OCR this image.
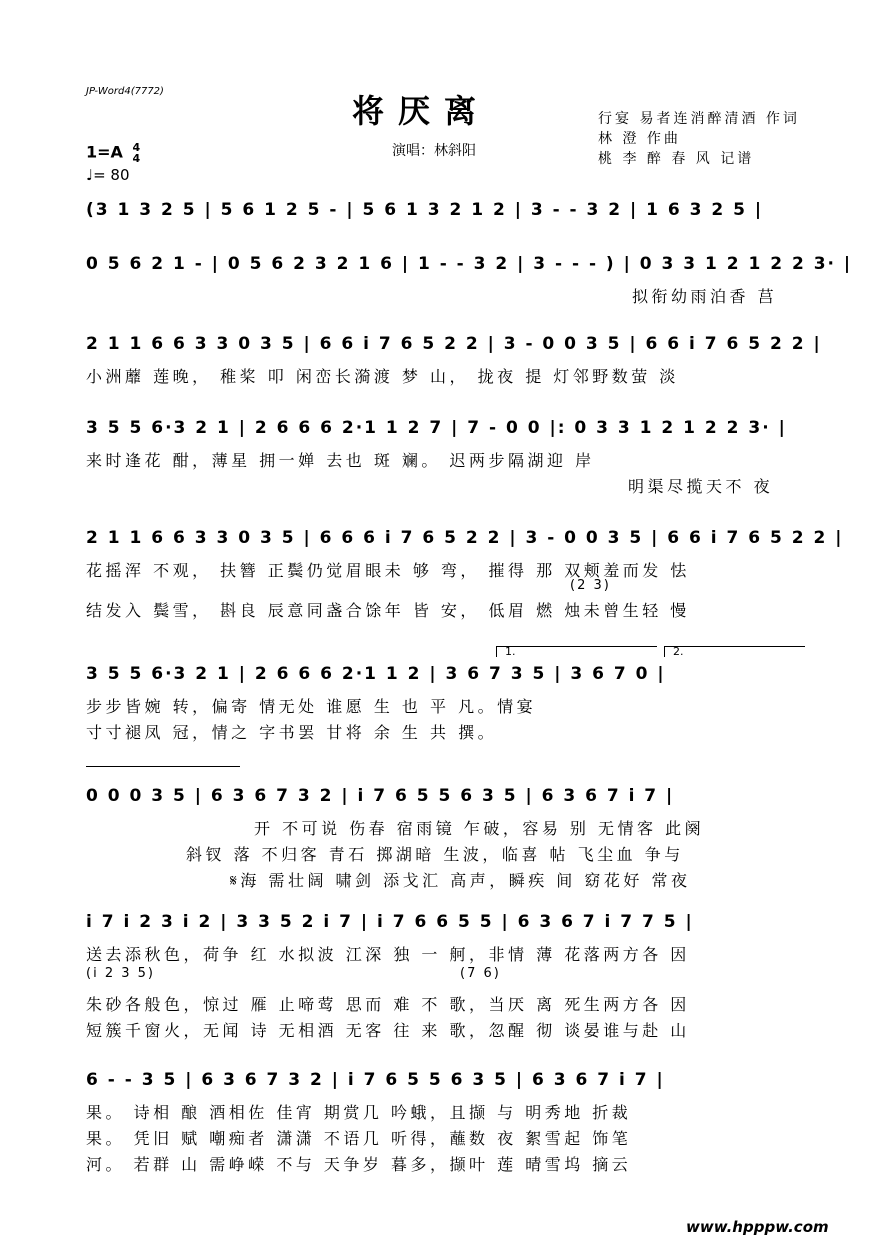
JP-Word4(7772)
将厌离
演唱：林斜阳
行宴 易者连消醉清酒 作词
林 澄 作曲
桃 李 醉 春 风 记谱
1=A 4
4
♩= 80
(3 1 3 2 5 | 5 6 1 2 5 - | 5 6 1 3 2 1 2 | 3 - - 3 2 | 1 6 3 2 5 |
0 5 6 2 1 - | 0 5 6 2 3 2 1 6 | 1 - - 3 2 | 3 - - - ) | 0 3 3 1 2 1 2 2 3· |
拟衔幼雨泊香 莒
2 1 1 6 6 3 3 0 3 5 | 6 6 i 7 6 5 2 2 | 3 - 0 0 3 5 | 6 6 i 7 6 5 2 2 |
小洲蘼 莲晚， 稚桨 叩 闲峦长漪渡 梦 山， 拢夜 提 灯邻野数萤 淡
3 5 5 6·3 2 1 | 2 6 6 6 2·1 1 2 7 | 7 - 0 0 |: 0 3 3 1 2 1 2 2 3· |
来时逢花 酣，薄星 拥一婵 去也 斑 斓。 迟两步隔湖迎 岸
明渠尽揽天不 夜
2 1 1 6 6 3 3 0 3 5 | 6 6 6 i 7 6 5 2 2 | 3 - 0 0 3 5 | 6 6 i 7 6 5 2 2 |
花摇浑 不观， 扶簪 正鬓仍觉眉眼未 够 弯， 摧得 那 双颊羞而发 怯
(2 3)
结发入 鬓雪， 斟良 辰意同盏合馀年 皆 安， 低眉 燃 烛未曾生轻 慢
1.	2.
3 5 5 6·3 2 1 | 2 6 6 6 2·1 1 2 | 3 6 7 3 5 | 3 6 7 0 |
步步皆婉 转，偏寄 情无处 谁愿 生 也 平 凡。情宴
寸寸褪凤 冠，情之 字书罢 甘将 余 生 共 撰。
0 0 0 3 5 | 6 3 6 7 3 2 | i 7 6 5 5 6 3 5 | 6 3 6 7 i 7 |
开 不可说 伤春 宿雨镜 乍破，容易 别 无情客 此阕
斜钗 落 不归客 青石 掷湖暗 生波，临喜 帖 飞尘血 争与
𝄋海 需壮阔 啸剑 添戈汇 高声，瞬疾 间 窈花好 常夜
i 7 i 2 3 i 2 | 3 3 5 2 i 7 | i 7 6 6 5 5 | 6 3 6 7 i 7 7 5 |
送去添秋色，荷争 红 水拟波 江深 独 一 舸，非情 薄 花落两方各 因
(i 2 3 5)	(7 6)
朱砂各般色，惊过 雁 止啼莺 思而 难 不 歌，当厌 离 死生两方各 因
短簇千窗火，无闻 诗 无相酒 无客 往 来 歌，忽醒 彻 谈晏谁与赴 山
6 - - 3 5 | 6 3 6 7 3 2 | i 7 6 5 5 6 3 5 | 6 3 6 7 i 7 |
果。 诗相 酿 酒相佐 佳宵 期赏几 吟蛾，且撷 与 明秀地 折裁
果。 凭旧 赋 嘲痴者 潇潇 不语几 听得，蘸数 夜 絮雪起 饰笔
河。 若群 山 需峥嵘 不与 天争岁 暮多，撷叶 莲 晴雪坞 摘云
www.hpppw.com
